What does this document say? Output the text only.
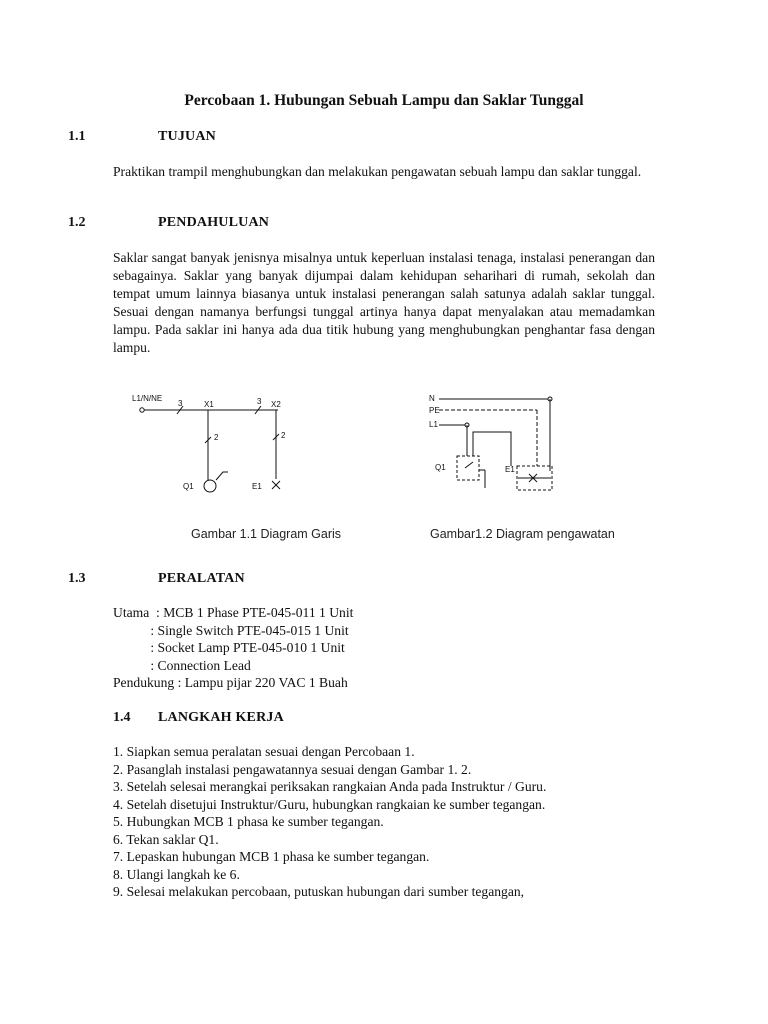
Percobaan 1. Hubungan Sebuah Lampu dan Saklar Tunggal
1.1	TUJUAN
Praktikan trampil menghubungkan dan melakukan pengawatan sebuah lampu dan saklar tunggal.
1.2	PENDAHULUAN
Saklar sangat banyak jenisnya misalnya untuk keperluan instalasi tenaga, instalasi penerangan dan sebagainya. Saklar yang banyak dijumpai dalam kehidupan seharihari di rumah, sekolah dan tempat umum lainnya biasanya untuk instalasi penerangan salah satunya adalah saklar tunggal. Sesuai dengan namanya berfungsi tunggal artinya hanya dapat menyalakan atau memadamkan lampu. Pada saklar ini hanya ada dua titik hubung yang menghubungkan penghantar fasa dengan lampu.
L1/N/NE
3	X1	3 X2
2	2
Q1	E1
Gambar 1.1 Diagram Garis
N
PE
L1
Q1	E1
Gambar1.2 Diagram pengawatan
1.3	PERALATAN
Utama  : MCB 1 Phase PTE-045-011 1 Unit
: Single Switch PTE-045-015 1 Unit
: Socket Lamp PTE-045-010 1 Unit
: Connection Lead
Pendukung : Lampu pijar 220 VAC 1 Buah
1.4 LANGKAH KERJA
1. Siapkan semua peralatan sesuai dengan Percobaan 1.
2. Pasanglah instalasi pengawatannya sesuai dengan Gambar 1. 2.
3. Setelah selesai merangkai periksakan rangkaian Anda pada Instruktur / Guru.
4. Setelah disetujui Instruktur/Guru, hubungkan rangkaian ke sumber tegangan.
5. Hubungkan MCB 1 phasa ke sumber tegangan.
6. Tekan saklar Q1.
7. Lepaskan hubungan MCB 1 phasa ke sumber tegangan.
8. Ulangi langkah ke 6.
9. Selesai melakukan percobaan, putuskan hubungan dari sumber tegangan,
